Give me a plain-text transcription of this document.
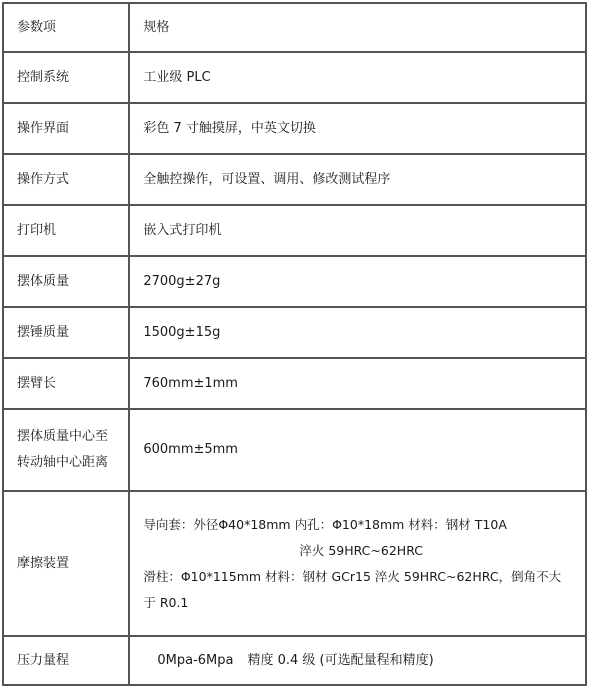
参数项	规格
控制系统	工业级 PLC
操作界面	彩色 7 寸触摸屏，中英文切换
操作方式	全触控操作，可设置、调用、修改测试程序
打印机	嵌入式打印机
摆体质量	2700g±27g
摆锤质量	1500g±15g
摆臂长	760mm±1mm
摆体质量中心至
转动轴中心距离	600mm±5mm
摩擦装置	导向套：外径Φ40*18mm 内孔：Φ10*18mm 材料：钢材 T10A

淬火 59HRC~62HRC
滑柱：Φ10*115mm 材料：钢材 GCr15 淬火 59HRC~62HRC，倒角不大
于 R0.1
压力量程	0Mpa-6Mpa 精度 0.4 级 (可选配量程和精度)
